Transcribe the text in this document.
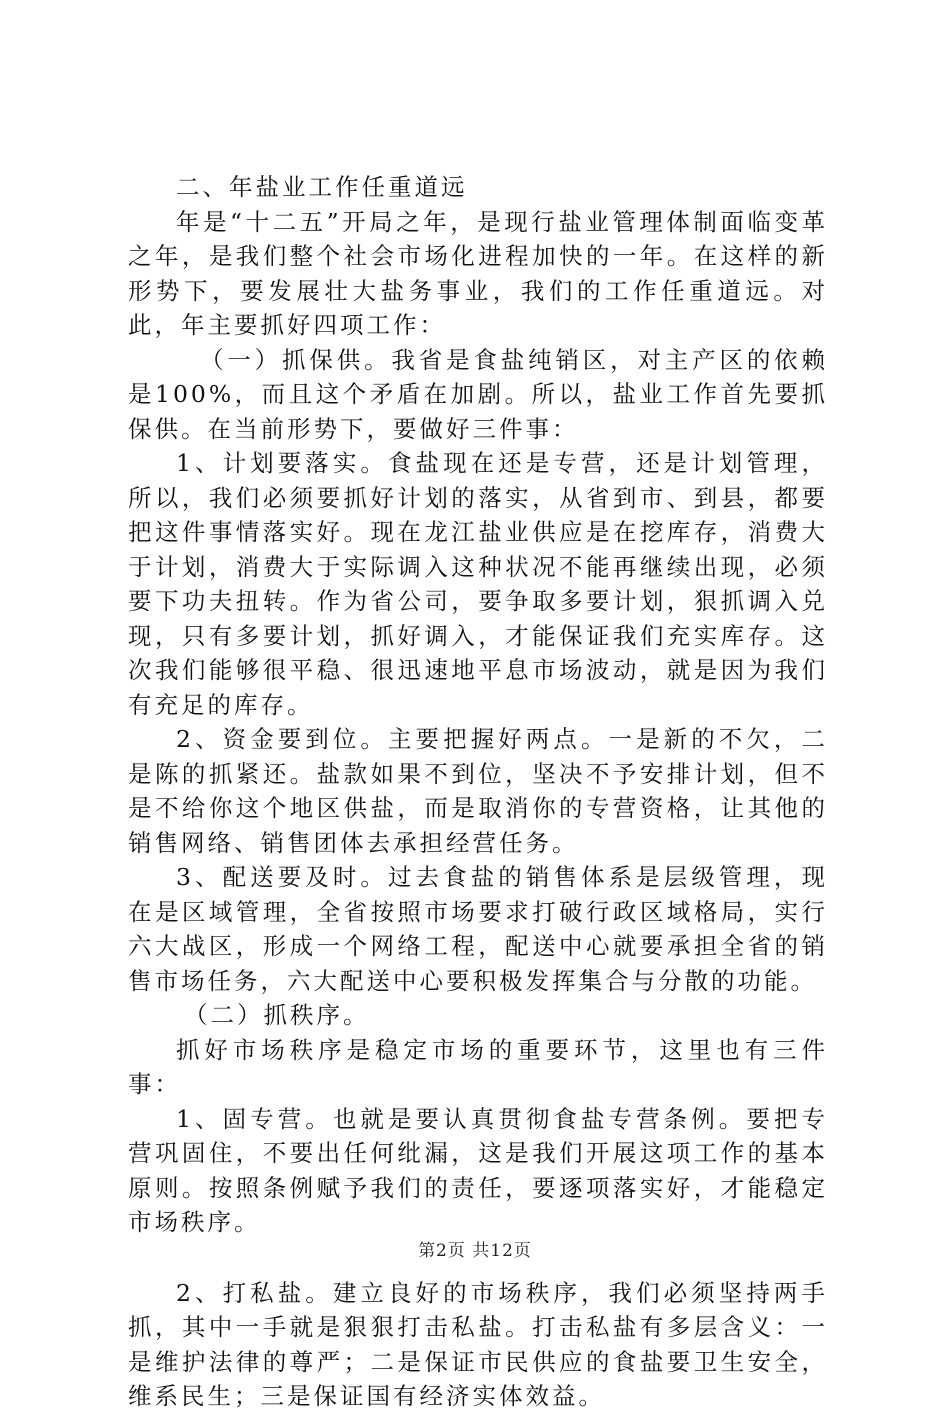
二、年盐业工作任重道远

年是“十二五”开局之年，是现行盐业管理体制面临变革之年，是我们整个社会市场化进程加快的一年。在这样的新形势下，要发展壮大盐务事业，我们的工作任重道远。对此，年主要抓好四项工作：

（一）抓保供。我省是食盐纯销区，对主产区的依赖是100%，而且这个矛盾在加剧。所以，盐业工作首先要抓保供。在当前形势下，要做好三件事：

1、计划要落实。食盐现在还是专营，还是计划管理，所以，我们必须要抓好计划的落实，从省到市、到县，都要把这件事情落实好。现在龙江盐业供应是在挖库存，消费大于计划，消费大于实际调入这种状况不能再继续出现，必须要下功夫扭转。作为省公司，要争取多要计划，狠抓调入兑现，只有多要计划，抓好调入，才能保证我们充实库存。这次我们能够很平稳、很迅速地平息市场波动，就是因为我们有充足的库存。

2、资金要到位。主要把握好两点。一是新的不欠，二是陈的抓紧还。盐款如果不到位，坚决不予安排计划，但不是不给你这个地区供盐，而是取消你的专营资格，让其他的销售网络、销售团体去承担经营任务。

3、配送要及时。过去食盐的销售体系是层级管理，现在是区域管理，全省按照市场要求打破行政区域格局，实行六大战区，形成一个网络工程，配送中心就要承担全省的销售市场任务，六大配送中心要积极发挥集合与分散的功能。

（二）抓秩序。

抓好市场秩序是稳定市场的重要环节，这里也有三件事：

1、固专营。也就是要认真贯彻食盐专营条例。要把专营巩固住，不要出任何纰漏，这是我们开展这项工作的基本原则。按照条例赋予我们的责任，要逐项落实好，才能稳定市场秩序。

2、打私盐。建立良好的市场秩序，我们必须坚持两手抓，其中一手就是狠狠打击私盐。打击私盐有多层含义：一是维护法律的尊严；二是保证市民供应的食盐要卫生安全，维系民生；三是保证国有经济实体效益。

第2页 共12页
